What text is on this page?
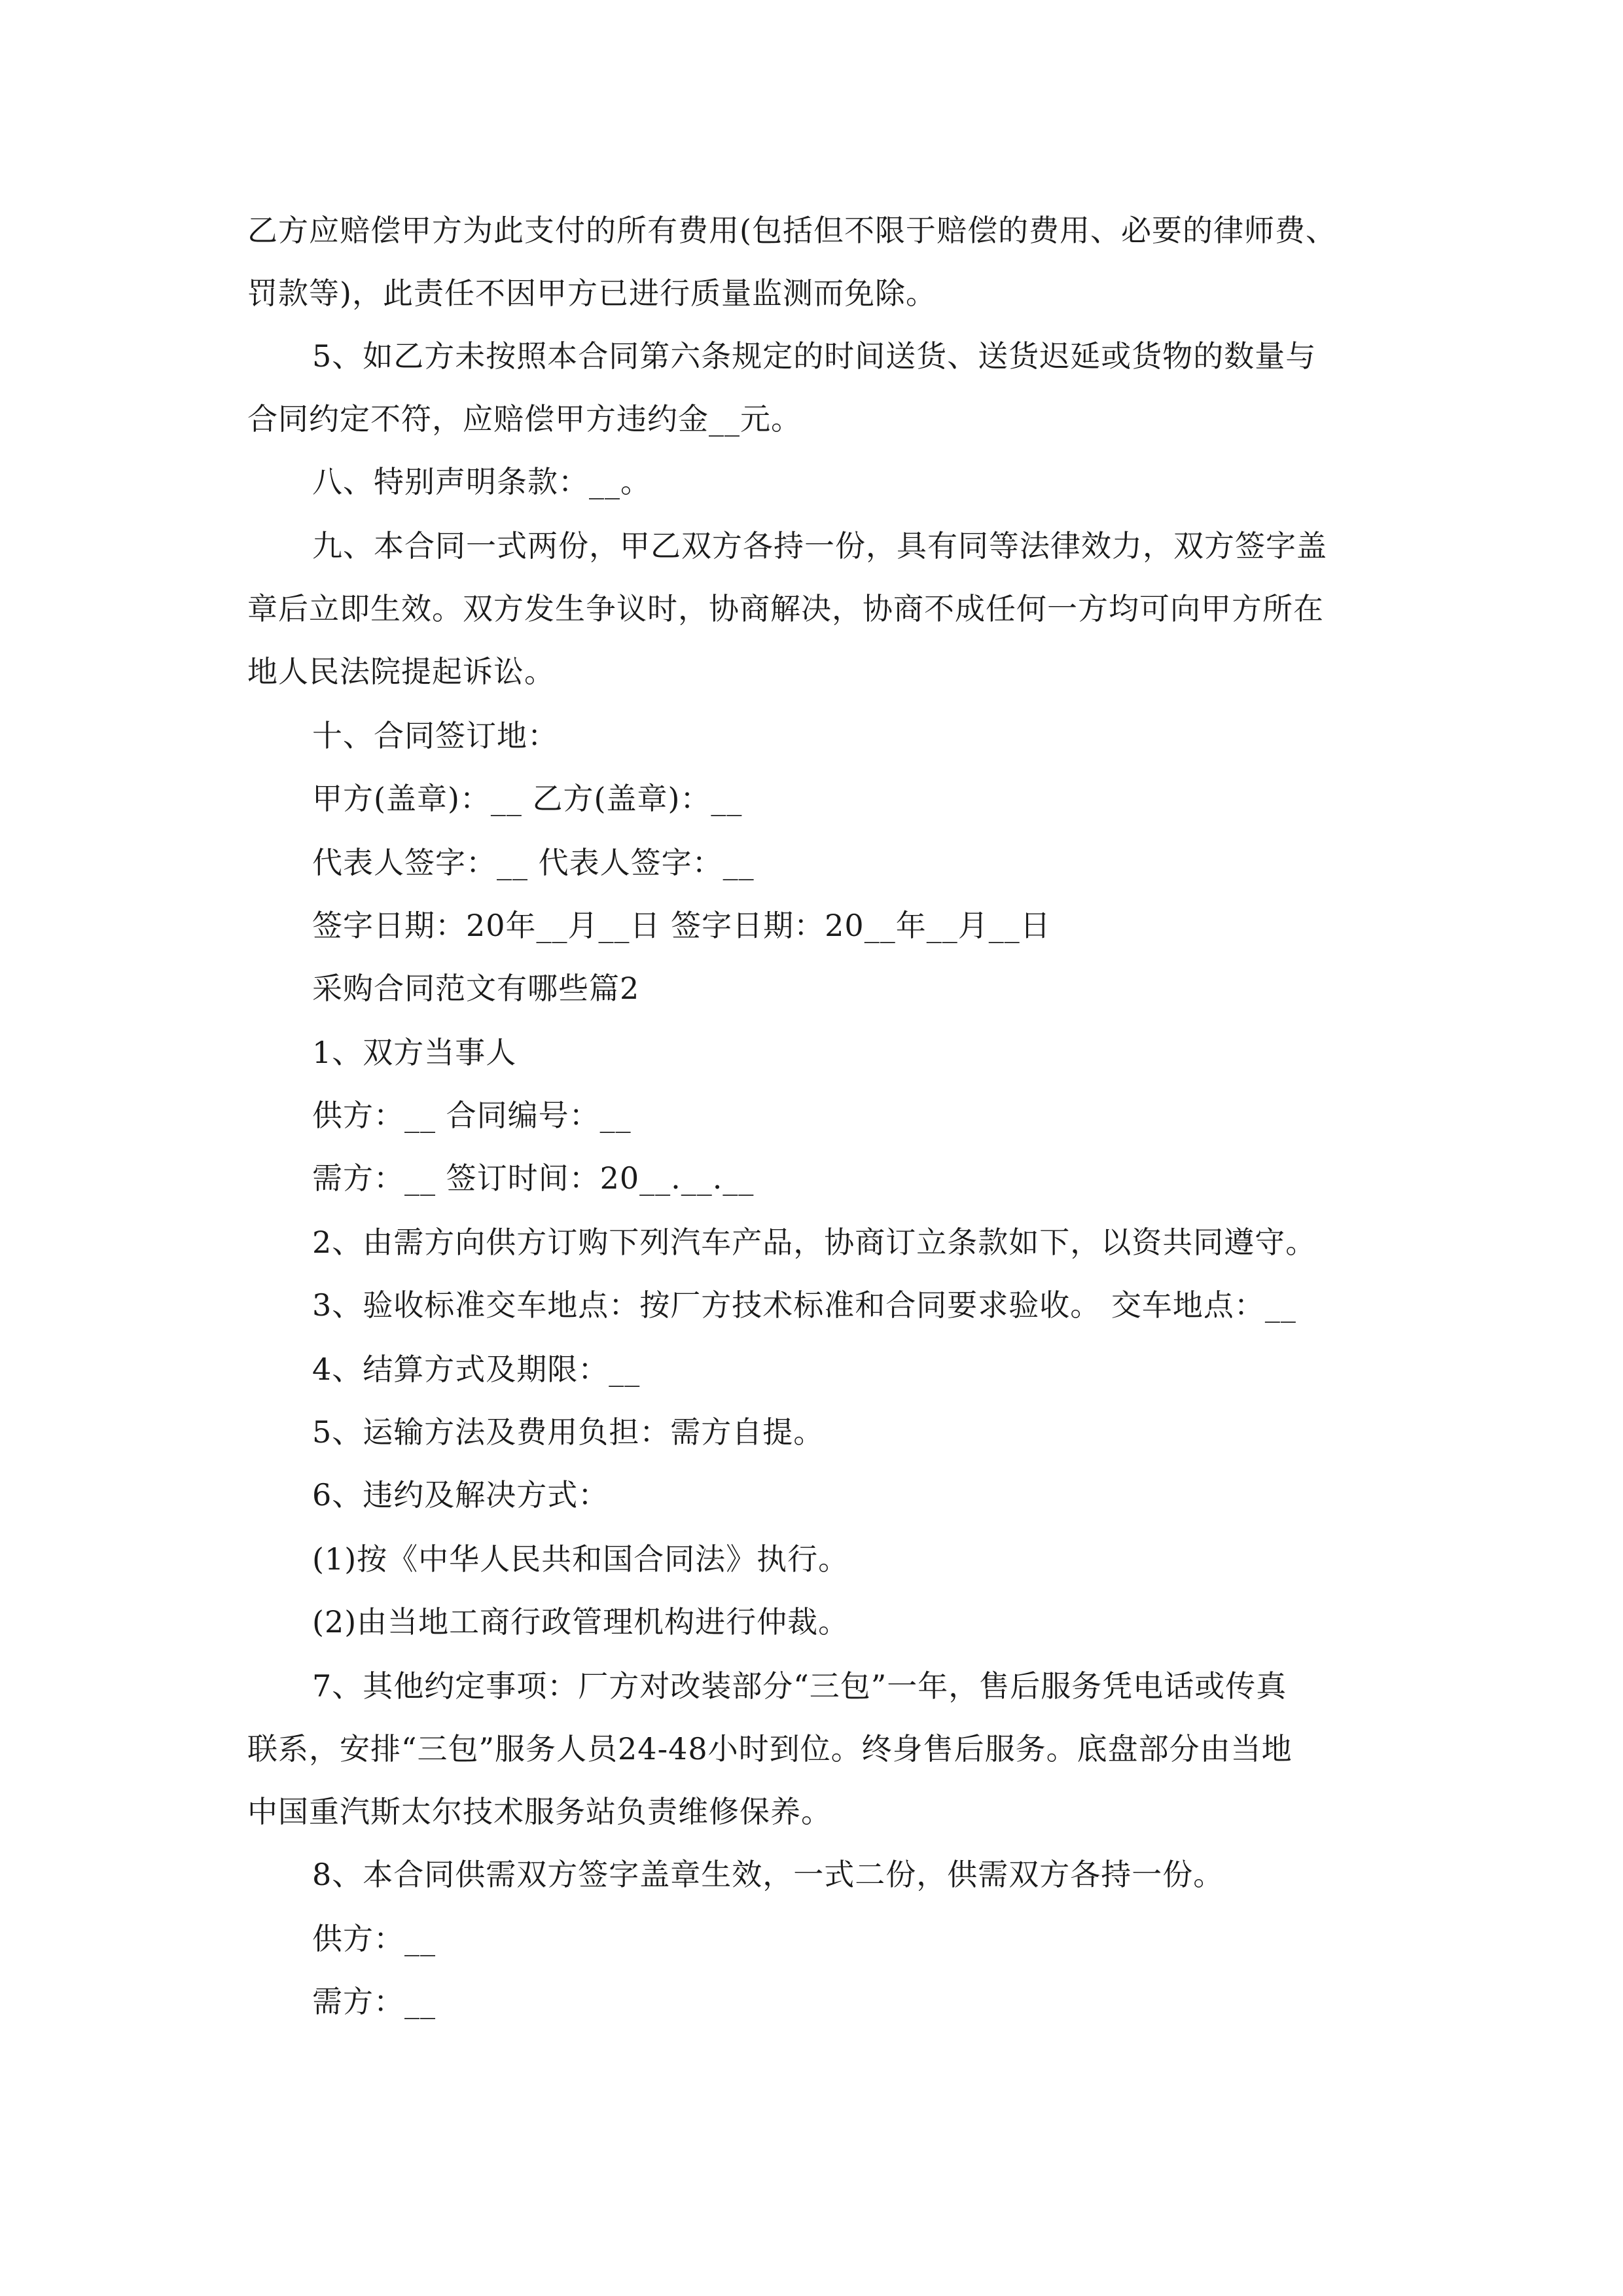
乙方应赔偿甲方为此支付的所有费用(包括但不限于赔偿的费用、必要的律师费、
罚款等)，此责任不因甲方已进行质量监测而免除。
5、如乙方未按照本合同第六条规定的时间送货、送货迟延或货物的数量与
合同约定不符，应赔偿甲方违约金__元。
八、特别声明条款：__。
九、本合同一式两份，甲乙双方各持一份，具有同等法律效力，双方签字盖
章后立即生效。双方发生争议时，协商解决，协商不成任何一方均可向甲方所在
地人民法院提起诉讼。
十、合同签订地：
甲方(盖章)：__ 乙方(盖章)：__
代表人签字：__ 代表人签字：__
签字日期：20年__月__日 签字日期：20__年__月__日
采购合同范文有哪些篇2
1、双方当事人
供方：__ 合同编号：__
需方：__ 签订时间：20__.__.__
2、由需方向供方订购下列汽车产品，协商订立条款如下，以资共同遵守。
3、验收标准交车地点：按厂方技术标准和合同要求验收。 交车地点：__
4、结算方式及期限：__
5、运输方法及费用负担：需方自提。
6、违约及解决方式：
(1)按《中华人民共和国合同法》执行。
(2)由当地工商行政管理机构进行仲裁。
7、其他约定事项：厂方对改装部分“三包”一年，售后服务凭电话或传真
联系，安排“三包”服务人员24-48小时到位。终身售后服务。底盘部分由当地
中国重汽斯太尔技术服务站负责维修保养。
8、本合同供需双方签字盖章生效，一式二份，供需双方各持一份。
供方：__
需方：__
